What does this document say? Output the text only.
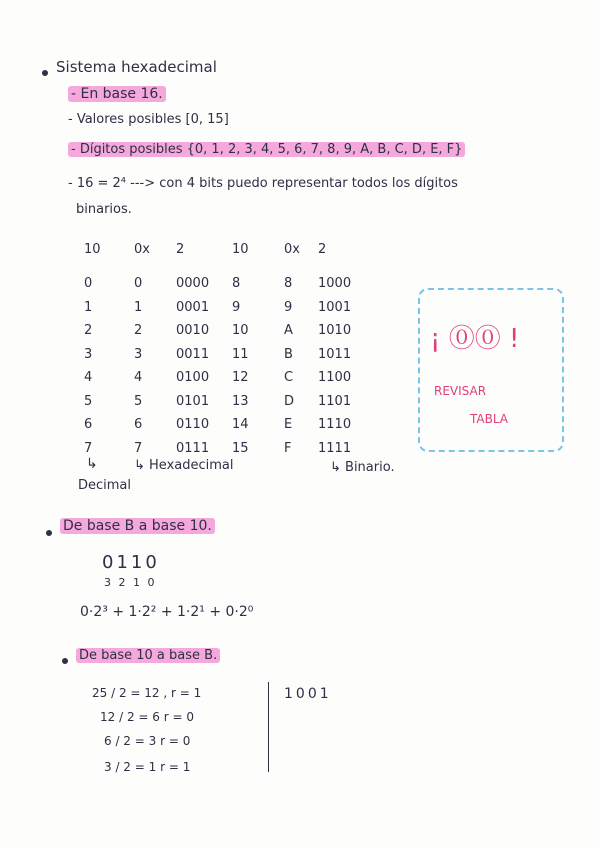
Sistema hexadecimal
- En base 16.
- Valores posibles [0, 15]
- Dígitos posibles {0, 1, 2, 3, 4, 5, 6, 7, 8, 9, A, B, C, D, E, F}
- 16 = 2⁴ ---> con 4 bits puedo representar todos los dígitos
binarios.
10	0x 2	10	0x 2
0	0	0000 8	8 1000
1	1	0001 9	9 1001
2	2	0010 10	A 1010
3	3	0011 11	B 1011
4	4	0100 12	C 1100
5	5	0101 13	D 1101
6	6	0110 14	E 1110
7	7	0111 15	F 1111
↳	↳ Hexadecimal	↳ Binario.
Decimal
¡ ⓪⓪ !
REVISAR
TABLA
De base B a base 10.
0110
3 2 1 0
0·2³ + 1·2² + 1·2¹ + 0·2⁰
De base 10 a base B.
25 / 2 = 12 , r = 1
12 / 2 = 6 r = 0
6 / 2 = 3 r = 0
3 / 2 = 1 r = 1
1001
